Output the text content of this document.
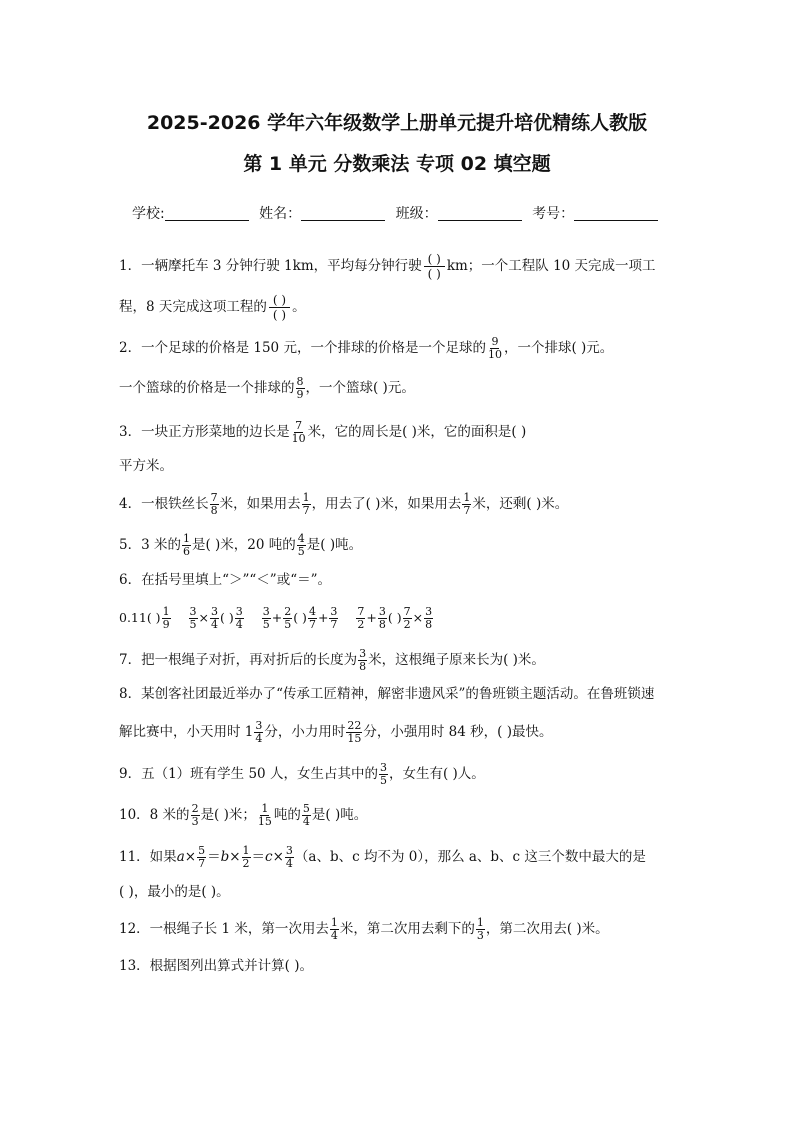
2025-2026 学年六年级数学上册单元提升培优精练人教版
第 1 单元 分数乘法 专项 02 填空题
学校:	姓名：	班级：	考号：
1．一辆摩托车 3 分钟行驶 1km，平均每分钟行驶 $\frac{( )}{( )}$ km；一个工程队 10 天完成一项工
程，8 天完成这项工程的 $\frac{( )}{( )}$ 。
2．一个足球的价格是 150 元，一个排球的价格是一个足球的 $\frac{9}{10}$ ，一个排球( )元。
一个篮球的价格是一个排球的 $\frac{8}{9}$ ，一个篮球( )元。
3．一块正方形菜地的边长是 $\frac{7}{10}$ 米，它的周长是( )米，它的面积是( )
平方米。
4．一根铁丝长 $\frac{7}{8}$ 米，如果用去 $\frac{1}{7}$ ，用去了( )米，如果用去 $\frac{1}{7}$ 米，还剩( )米。
5．3 米的 $\frac{1}{6}$ 是( )米，20 吨的 $\frac{4}{5}$ 是( )吨。
6．在括号里填上“＞”“＜”或“＝”。
0.11( ) $\frac{1}{9}$
$\frac{3}{5} \times \frac{3}{4}$ ( ) $\frac{3}{4}$
$\frac{3}{5} + \frac{2}{5}$ ( ) $\frac{4}{7} + \frac{3}{7}$
$\frac{7}{2} + \frac{3}{8}$ ( ) $\frac{7}{2} \times \frac{3}{8}$
7．把一根绳子对折，再对折后的长度为 $\frac{3}{8}$ 米，这根绳子原来长为( )米。
8．某创客社团最近举办了“传承工匠精神，解密非遗风采”的鲁班锁主题活动。在鲁班锁速
解比赛中，小天用时 $1 \frac{3}{4}$ 分，小力用时 $\frac{22}{15}$ 分，小强用时 84 秒，( )最快。
9．五（1）班有学生 50 人，女生占其中的 $\frac{3}{5}$ ，女生有( )人。
10．8 米的 $\frac{2}{3}$ 是( )米； $\frac{1}{15}$ 吨的 $\frac{5}{4}$ 是( )吨。
11．如果$a\times \frac{5}{7} =b\times \frac{1}{2} =c\times \frac{3}{4} (a$、b、c 均不为 0），那么 a、b、c 这三个数中最大的是
( )，最小的是( )。
12．一根绳子长 1 米，第一次用去 $\frac{1}{4}$ 米，第二次用去剩下的 $\frac{1}{3}$ ，第二次用去( )米。
13．根据图列出算式并计算( )。
